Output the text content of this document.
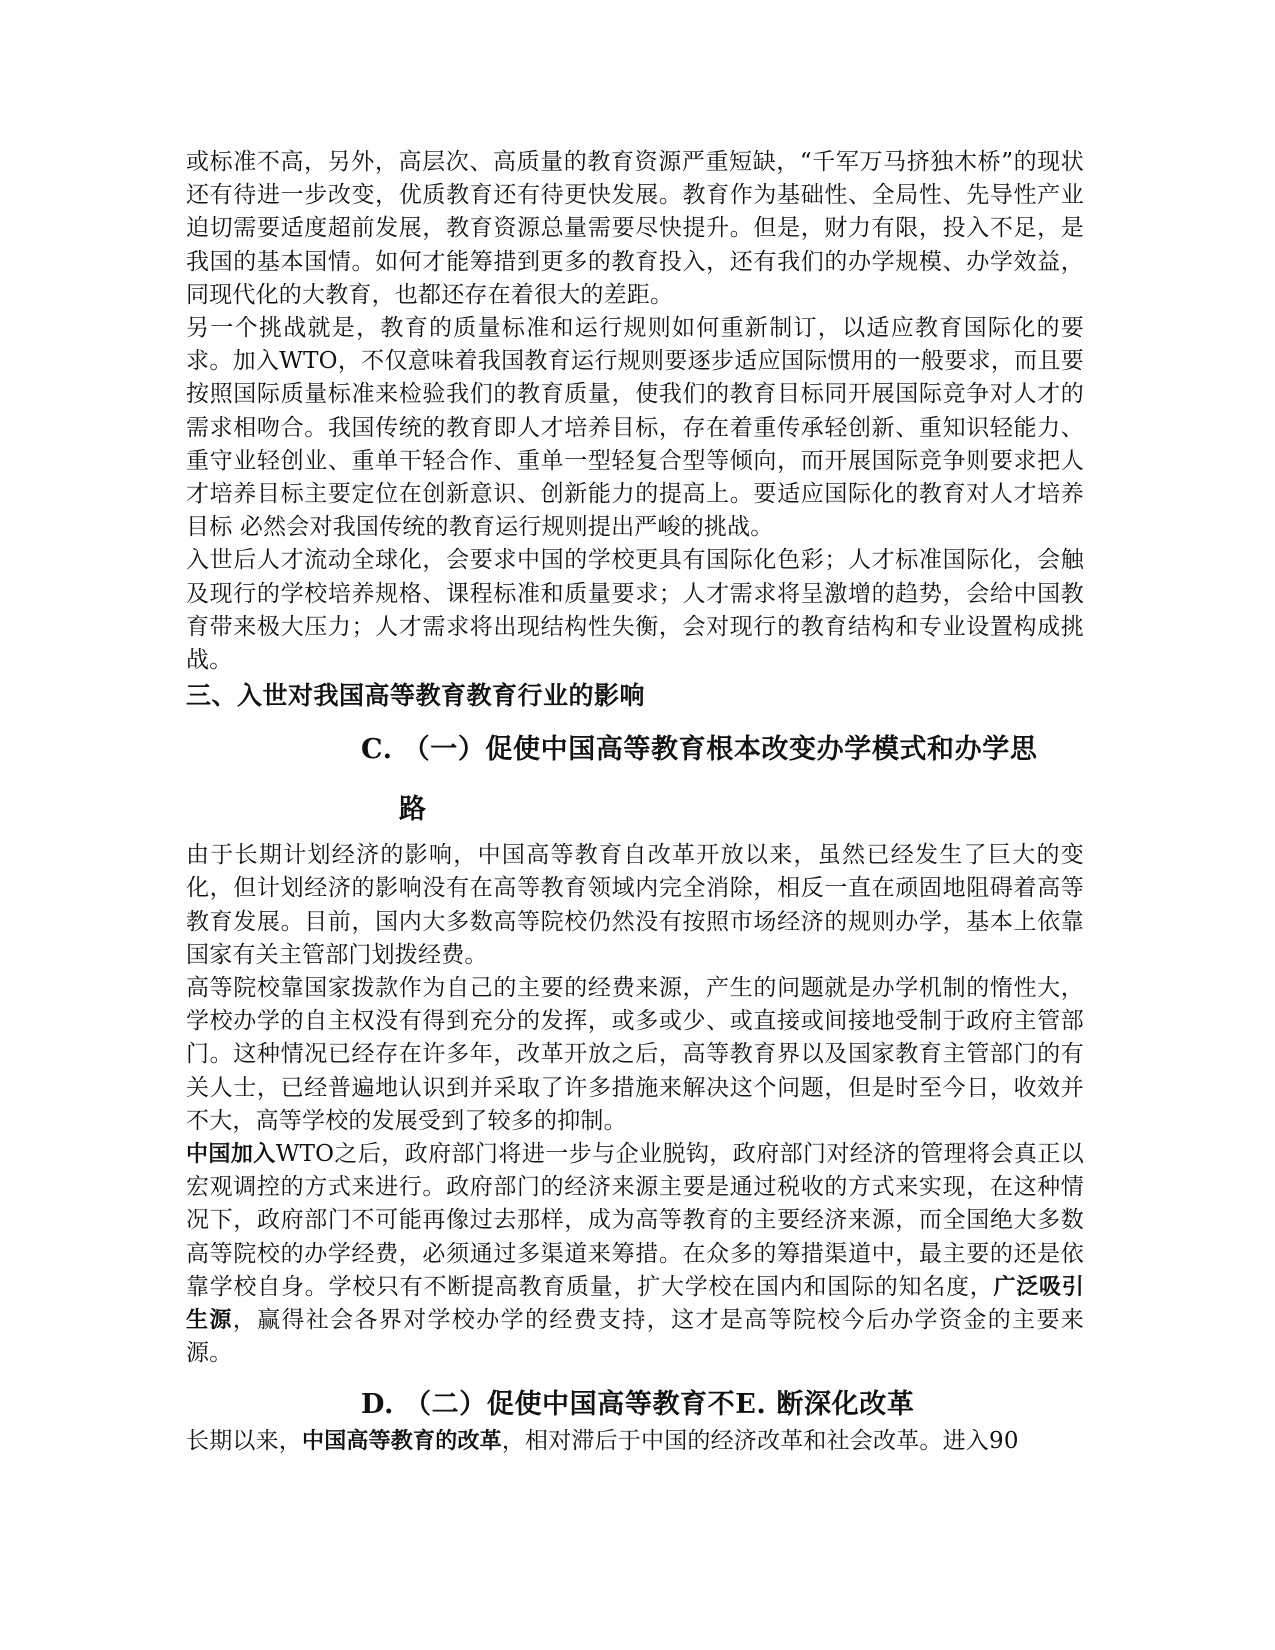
或标准不高，另外，高层次、高质量的教育资源严重短缺，“千军万马挤独木桥”的现状还有待进一步改变，优质教育还有待更快发展。教育作为基础性、全局性、先导性产业迫切需要适度超前发展，教育资源总量需要尽快提升。但是，财力有限，投入不足，是我国的基本国情。如何才能筹措到更多的教育投入，还有我们的办学规模、办学效益，同现代化的大教育，也都还存在着很大的差距。

另一个挑战就是，教育的质量标准和运行规则如何重新制订，以适应教育国际化的要求。加入WTO，不仅意味着我国教育运行规则要逐步适应国际惯用的一般要求，而且要按照国际质量标准来检验我们的教育质量，使我们的教育目标同开展国际竞争对人才的需求相吻合。我国传统的教育即人才培养目标，存在着重传承轻创新、重知识轻能力、重守业轻创业、重单干轻合作、重单一型轻复合型等倾向，而开展国际竞争则要求把人才培养目标主要定位在创新意识、创新能力的提高上。要适应国际化的教育对人才培养目标 必然会对我国传统的教育运行规则提出严峻的挑战。

入世后人才流动全球化，会要求中国的学校更具有国际化色彩；人才标准国际化，会触及现行的学校培养规格、课程标准和质量要求；人才需求将呈激增的趋势，会给中国教育带来极大压力；人才需求将出现结构性失衡，会对现行的教育结构和专业设置构成挑战。

三、入世对我国高等教育教育行业的影响
C. （一）促使中国高等教育根本改变办学模式和办学思
路

由于长期计划经济的影响，中国高等教育自改革开放以来，虽然已经发生了巨大的变化，但计划经济的影响没有在高等教育领域内完全消除，相反一直在顽固地阻碍着高等教育发展。目前，国内大多数高等院校仍然没有按照市场经济的规则办学，基本上依靠国家有关主管部门划拨经费。

高等院校靠国家拨款作为自己的主要的经费来源，产生的问题就是办学机制的惰性大，学校办学的自主权没有得到充分的发挥，或多或少、或直接或间接地受制于政府主管部门。这种情况已经存在许多年，改革开放之后，高等教育界以及国家教育主管部门的有关人士，已经普遍地认识到并采取了许多措施来解决这个问题，但是时至今日，收效并不大，高等学校的发展受到了较多的抑制。

中国加入WTO之后，政府部门将进一步与企业脱钩，政府部门对经济的管理将会真正以宏观调控的方式来进行。政府部门的经济来源主要是通过税收的方式来实现，在这种情况下，政府部门不可能再像过去那样，成为高等教育的主要经济来源，而全国绝大多数高等院校的办学经费，必须通过多渠道来筹措。在众多的筹措渠道中，最主要的还是依靠学校自身。学校只有不断提高教育质量，扩大学校在国内和国际的知名度，广泛吸引生源，赢得社会各界对学校办学的经费支持，这才是高等院校今后办学资金的主要来源。

D. （二）促使中国高等教育不E. 断深化改革

长期以来，中国高等教育的改革，相对滞后于中国的经济改革和社会改革。进入90
